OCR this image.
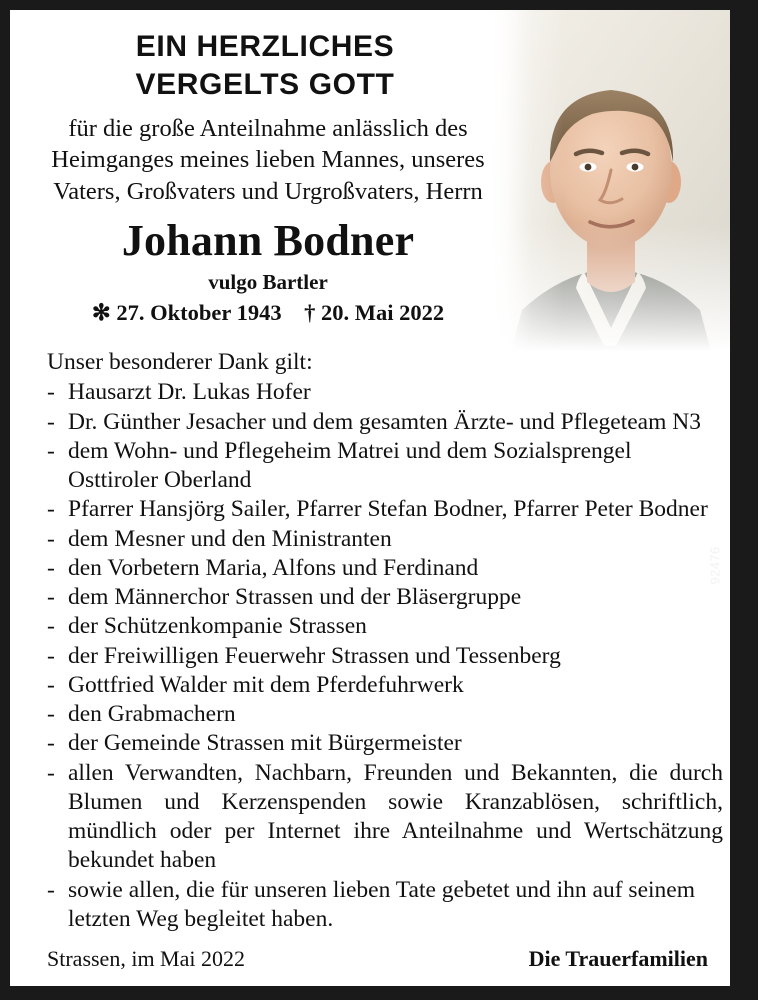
92476
EIN HERZLICHES
VERGELTS GOTT
für die große Anteilnahme anlässlich des
Heimganges meines lieben Mannes, unseres
Vaters, Großvaters und Urgroßvaters, Herrn
Johann Bodner
vulgo Bartler
✻ 27. Oktober 1943    † 20. Mai 2022

Unser besonderer Dank gilt:

- Hausarzt Dr. Lukas Hofer
- Dr. Günther Jesacher und dem gesamten Ärzte- und Pflegeteam N3
- dem Wohn- und Pflegeheim Matrei und dem Sozialsprengel Osttiroler Oberland
- Pfarrer Hansjörg Sailer, Pfarrer Stefan Bodner, Pfarrer Peter Bodner
- dem Mesner und den Ministranten
- den Vorbetern Maria, Alfons und Ferdinand
- dem Männerchor Strassen und der Bläsergruppe
- der Schützenkompanie Strassen
- der Freiwilligen Feuerwehr Strassen und Tessenberg
- Gottfried Walder mit dem Pferdefuhrwerk
- den Grabmachern
- der Gemeinde Strassen mit Bürgermeister
- allen Verwandten, Nachbarn, Freunden und Bekannten, die durch Blumen und Kerzenspenden sowie Kranzablösen, schriftlich, mündlich oder per Internet ihre Anteilnahme und Wertschätzung bekundet haben
- sowie allen, die für unseren lieben Tate gebetet und ihn auf seinem letzten Weg begleitet haben.
Strassen, im Mai 2022	Die Trauerfamilien
